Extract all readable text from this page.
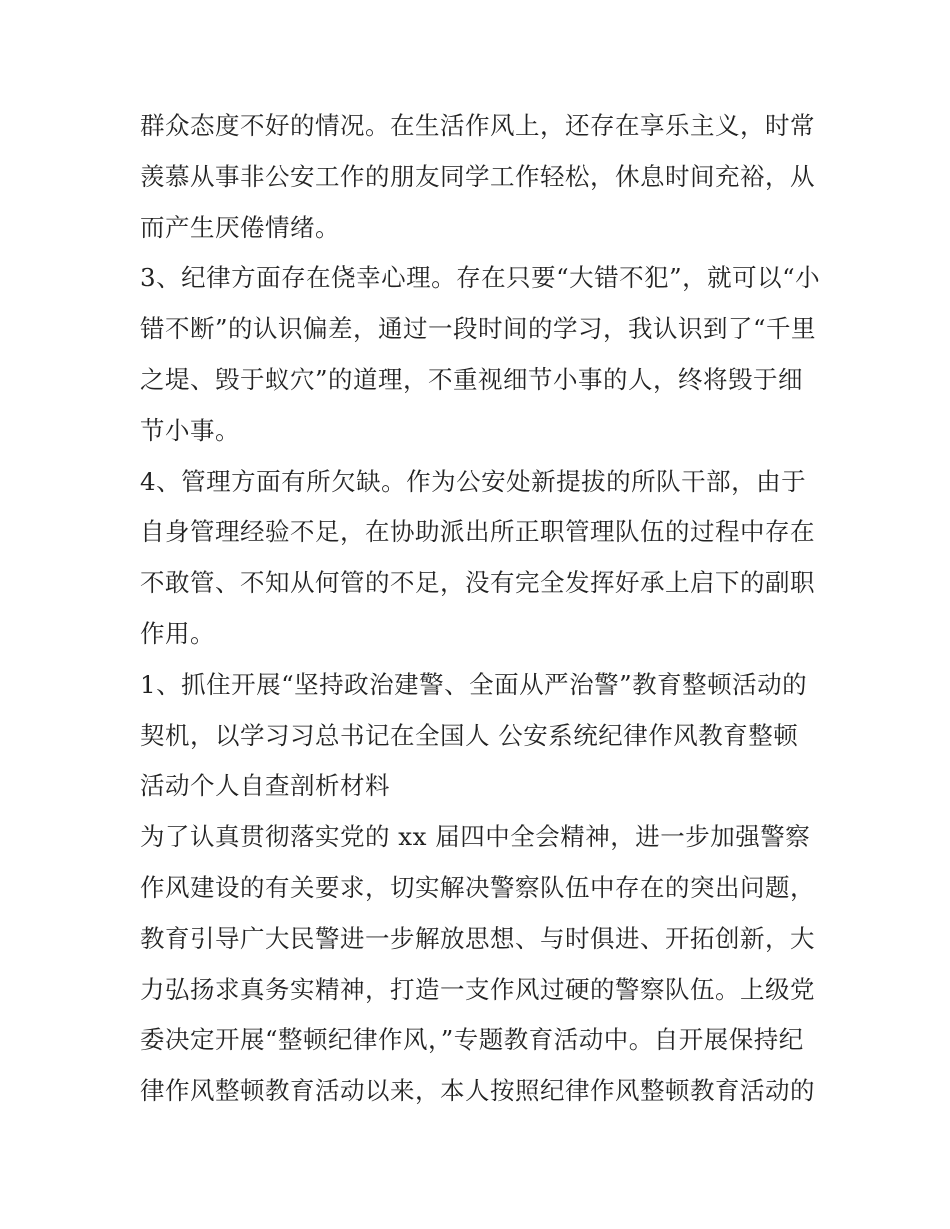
群众态度不好的情况。在生活作风上，还存在享乐主义，时常
羡慕从事非公安工作的朋友同学工作轻松，休息时间充裕，从
而产生厌倦情绪。
3、纪律方面存在侥幸心理。存在只要“大错不犯”，就可以“小
错不断”的认识偏差，通过一段时间的学习，我认识到了“千里
之堤、毁于蚁穴”的道理，不重视细节小事的人，终将毁于细
节小事。
4、管理方面有所欠缺。作为公安处新提拔的所队干部，由于
自身管理经验不足，在协助派出所正职管理队伍的过程中存在
不敢管、不知从何管的不足，没有完全发挥好承上启下的副职
作用。
1、抓住开展“坚持政治建警、全面从严治警”教育整顿活动的
契机，以学习习总书记在全国人 公安系统纪律作风教育整顿
活动个人自查剖析材料
为了认真贯彻落实党的 xx 届四中全会精神，进一步加强警察
作风建设的有关要求，切实解决警察队伍中存在的突出问题，
教育引导广大民警进一步解放思想、与时俱进、开拓创新，大
力弘扬求真务实精神，打造一支作风过硬的警察队伍。上级党
委决定开展“整顿纪律作风，”专题教育活动中。自开展保持纪
律作风整顿教育活动以来，本人按照纪律作风整顿教育活动的
